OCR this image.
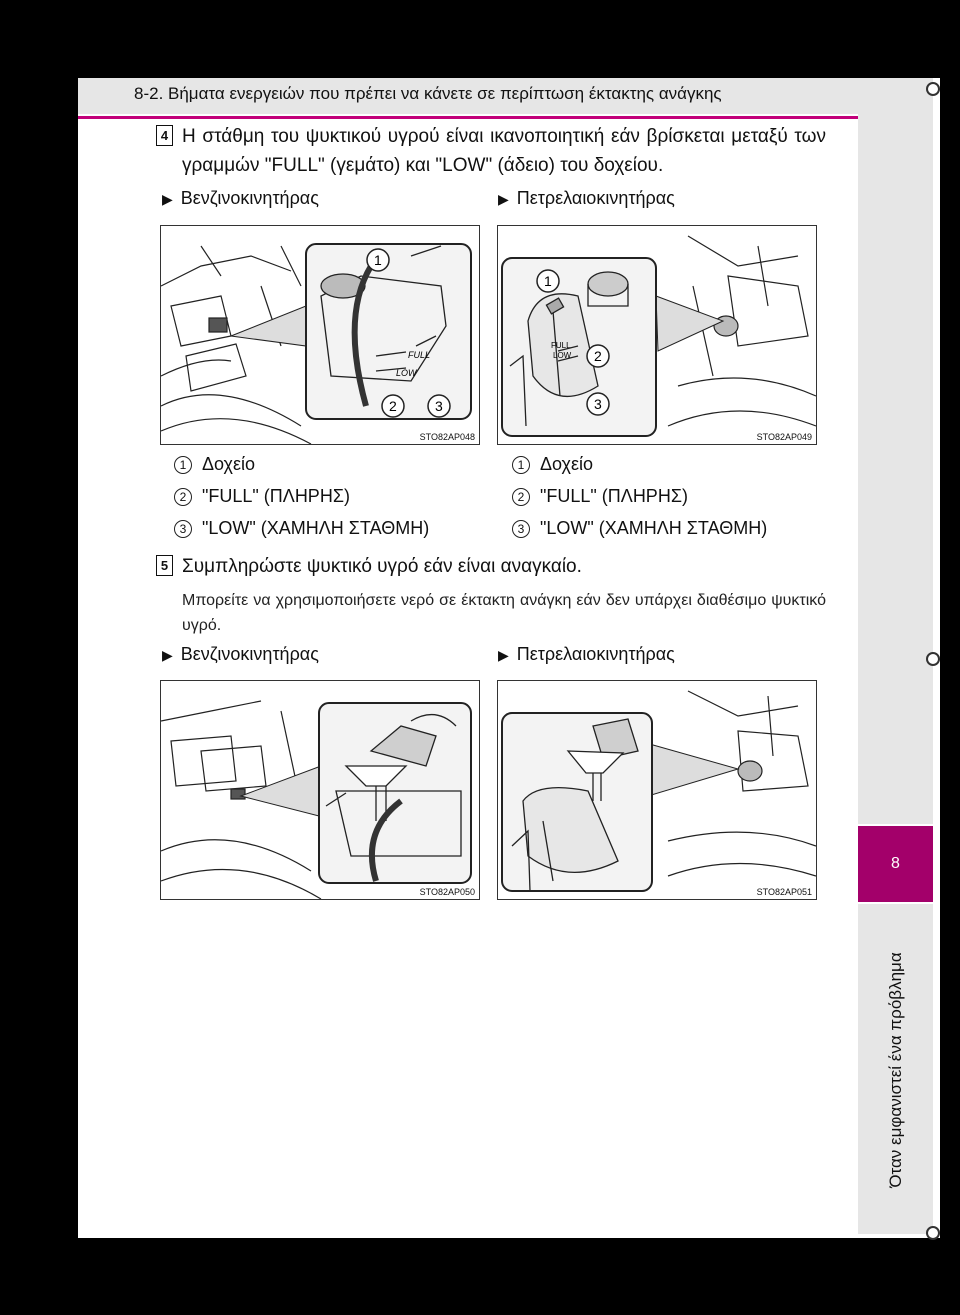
8-2. Βήματα ενεργειών που πρέπει να κάνετε σε περίπτωση έκτακτης ανάγκης
8
Όταν εμφανιστεί ένα πρόβλημα
4 Η στάθμη του ψυκτικού υγρού είναι ικανοποιητική εάν βρίσκεται μεταξύ των γραμμών "FULL" (γεμάτο) και "LOW" (άδειο) του δοχείου.
▶ Βενζινοκινητήρας	▶ Πετρελαιοκινητήρας
FULL
LOW
1
2	3
STO82AP048
FULL
LOW
1
2
3
STO82AP049
1 Δοχείο
2 "FULL" (ΠΛΗΡΗΣ)
3 "LOW" (ΧΑΜΗΛΗ ΣΤΑΘΜΗ)
1 Δοχείο
2 "FULL" (ΠΛΗΡΗΣ)
3 "LOW" (ΧΑΜΗΛΗ ΣΤΑΘΜΗ)
5 Συμπληρώστε ψυκτικό υγρό εάν είναι αναγκαίο.
Μπορείτε να χρησιμοποιήσετε νερό σε έκτακτη ανάγκη εάν δεν υπάρχει διαθέσιμο ψυκτικό υγρό.
▶ Βενζινοκινητήρας	▶ Πετρελαιοκινητήρας
STO82AP050	STO82AP051
